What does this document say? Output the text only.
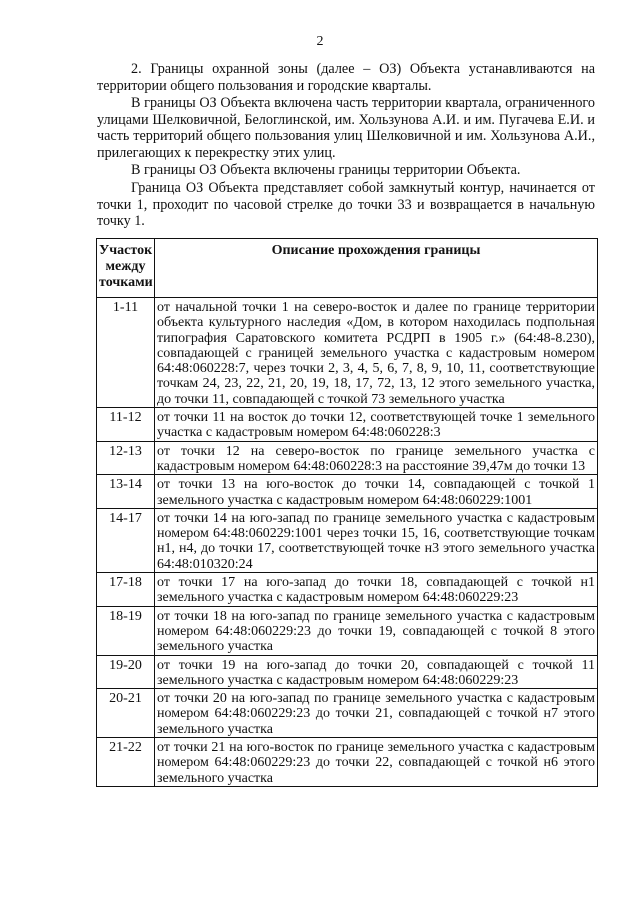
2

2. Границы охранной зоны (далее – ОЗ) Объекта устанавливаются на территории общего пользования и городские кварталы.

В границы ОЗ Объекта включена часть территории квартала, ограниченного улицами Шелковичной, Белоглинской, им. Хользунова А.И. и им. Пугачева Е.И. и часть территорий общего пользования улиц Шелковичной и им. Хользунова А.И., прилегающих к перекрестку этих улиц.

В границы ОЗ Объекта включены границы территории Объекта.

Граница ОЗ Объекта представляет собой замкнутый контур, начинается от точки 1, проходит по часовой стрелке до точки 33 и возвращается в начальную точку 1.

Участок между точками	Описание прохождения границы
1-11	от начальной точки 1 на северо-восток и далее по границе территории объекта культурного наследия «Дом, в котором находилась подпольная типография Саратовского комитета РСДРП в 1905 г.» (64:48-8.230), совпадающей с границей земельного участка с кадастровым номером 64:48:060228:7, через точки 2, 3, 4, 5, 6, 7, 8, 9, 10, 11, соответствующие точкам 24, 23, 22, 21, 20, 19, 18, 17, 72, 13, 12 этого земельного участка, до точки 11, совпадающей с точкой 73 земельного участка
11-12	от точки 11 на восток до точки 12, соответствующей точке 1 земельного участка с кадастровым номером 64:48:060228:3
12-13	от точки 12 на северо-восток по границе земельного участка с кадастровым номером 64:48:060228:3 на расстояние 39,47м до точки 13
13-14	от точки 13 на юго-восток до точки 14, совпадающей с точкой 1 земельного участка с кадастровым номером 64:48:060229:1001
14-17	от точки 14 на юго-запад по границе земельного участка с кадастровым номером 64:48:060229:1001 через точки 15, 16, соответствующие точкам н1, н4, до точки 17, соответствующей точке н3 этого земельного участка 64:48:010320:24
17-18	от точки 17 на юго-запад до точки 18, совпадающей с точкой н1 земельного участка с кадастровым номером 64:48:060229:23
18-19	от точки 18 на юго-запад по границе земельного участка с кадастровым номером 64:48:060229:23 до точки 19, совпадающей с точкой 8 этого земельного участка
19-20	от точки 19 на юго-запад до точки 20, совпадающей с точкой 11 земельного участка с кадастровым номером 64:48:060229:23
20-21	от точки 20 на юго-запад по границе земельного участка с кадастровым номером 64:48:060229:23 до точки 21, совпадающей с точкой н7 этого земельного участка
21-22	от точки 21 на юго-восток по границе земельного участка с кадастровым номером 64:48:060229:23 до точки 22, совпадающей с точкой н6 этого земельного участка
